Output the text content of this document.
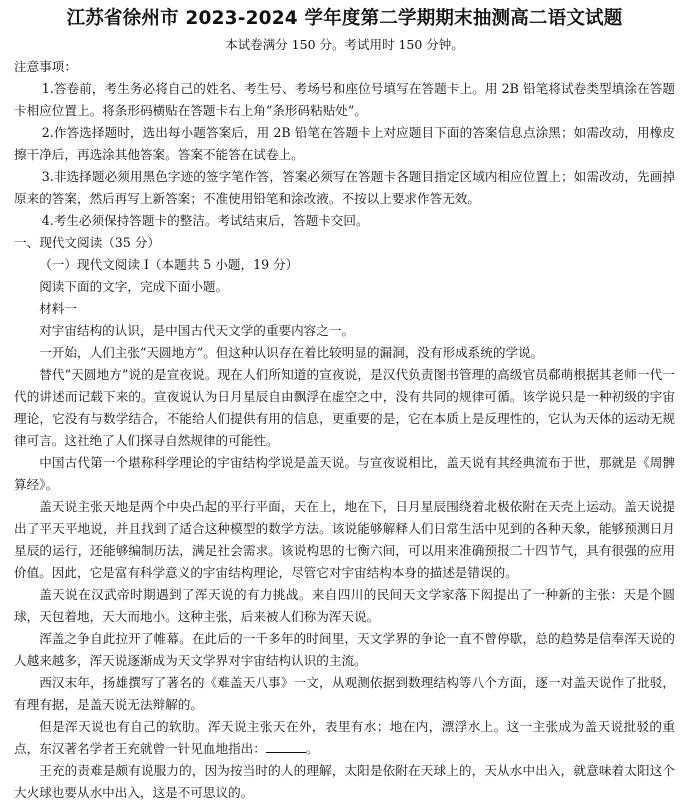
江苏省徐州市 2023-2024 学年度第二学期期末抽测高二语文试题

本试卷满分 150 分。考试用时 150 分钟。

注意事项：

1.答卷前，考生务必将自己的姓名、考生号、考场号和座位号填写在答题卡上。用 2B 铅笔将试卷类型填涂在答题卡相应位置上。将条形码横贴在答题卡右上角“条形码粘贴处”。

2.作答选择题时，选出每小题答案后，用 2B 铅笔在答题卡上对应题目下面的答案信息点涂黑；如需改动，用橡皮擦干净后，再选涂其他答案。答案不能答在试卷上。

3.非选择题必须用黑色字迹的签字笔作答，答案必须写在答题卡各题目指定区域内相应位置上；如需改动，先画掉原来的答案，然后再写上新答案；不准使用铅笔和涂改液。不按以上要求作答无效。

4.考生必须保持答题卡的整洁。考试结束后，答题卡交回。

一、现代文阅读（35 分）

（一）现代文阅读 I（本题共 5 小题，19 分）

阅读下面的文字，完成下面小题。

材料一

对宇宙结构的认识，是中国古代天文学的重要内容之一。

一开始，人们主张“天圆地方”。但这种认识存在着比较明显的漏洞，没有形成系统的学说。

替代“天圆地方”说的是宣夜说。现在人们所知道的宣夜说，是汉代负责图书管理的高级官员郗萌根据其老师一代一代的讲述而记载下来的。宣夜说认为日月星辰自由飘浮在虚空之中，没有共同的规律可循。该学说只是一种初级的宇宙理论，它没有与数学结合，不能给人们提供有用的信息，更重要的是，它在本质上是反理性的，它认为天体的运动无规律可言。这社绝了人们探寻自然规律的可能性。

中国古代第一个堪称科学理论的宇宙结构学说是盖天说。与宣夜说相比，盖天说有其经典流布于世，那就是《周髀算经》。

盖天说主张天地是两个中央凸起的平行平面，天在上，地在下，日月星辰围绕着北极依附在天壳上运动。盖天说提出了平天平地说，并且找到了适合这种模型的数学方法。该说能够解释人们日常生活中见到的各种天象，能够预测日月星辰的运行，还能够编制历法，满足社会需求。该说构思的七衡六间，可以用来准确预报二十四节气，具有很强的应用价值。因此，它是富有科学意义的宇宙结构理论，尽管它对宇宙结构本身的描述是错误的。

盖天说在汉武帝时期遇到了浑天说的有力挑战。来自四川的民间天文学家落下闳提出了一种新的主张：天是个圆球，天包着地，天大而地小。这种主张，后来被人们称为浑天说。

浑盖之争自此拉开了帷幕。在此后的一千多年的时间里，天文学界的争论一直不曾停歇，总的趋势是信奉浑天说的人越来越多，浑天说逐渐成为天文学界对宇宙结构认识的主流。

西汉末年，扬雄撰写了著名的《难盖天八事》一文，从观测依据到数理结构等八个方面，逐一对盖天说作了批驳，有理有据，是盖天说无法辩解的。

但是浑天说也有自己的软肋。浑天说主张天在外，表里有水；地在内，漂浮水上。这一主张成为盖天说批驳的重点，东汉著名学者王充就曾一针见血地指出：	。

王充的责难是颇有说服力的，因为按当时的人的理解，太阳是依附在天球上的，天从水中出入，就意味着太阳这个大火球也要从水中出入，这是不可思议的。
